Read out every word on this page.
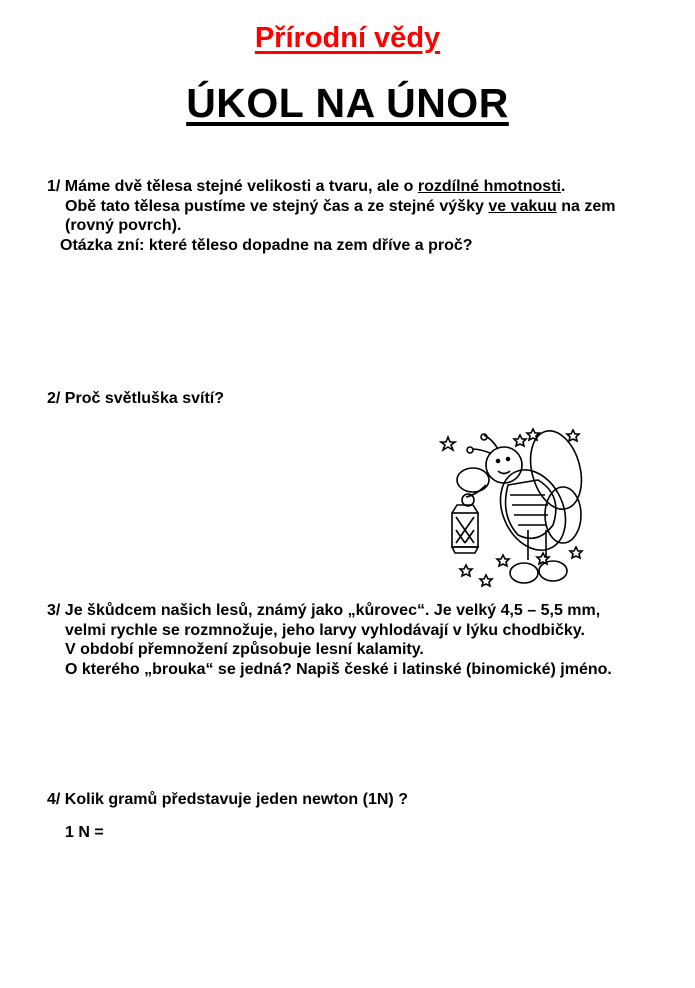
Přírodní vědy
ÚKOL NA ÚNOR
1/ Máme dvě tělesa stejné velikosti a tvaru, ale o rozdílné hmotnosti.
Obě tato tělesa pustíme ve stejný čas a ze stejné výšky ve vakuu na zem
(rovný povrch).
Otázka zní: které těleso dopadne na zem dříve a proč?
2/ Proč světluška svítí?
3/ Je škůdcem našich lesů, známý jako „kůrovec“. Je velký 4,5 – 5,5 mm,
velmi rychle se rozmnožuje, jeho larvy vyhlodávají v lýku chodbičky.
V období přemnožení způsobuje lesní kalamity.
O kterého „brouka“ se jedná? Napiš české i latinské (binomické) jméno.
4/ Kolik gramů představuje jeden newton (1N) ?
1 N =
